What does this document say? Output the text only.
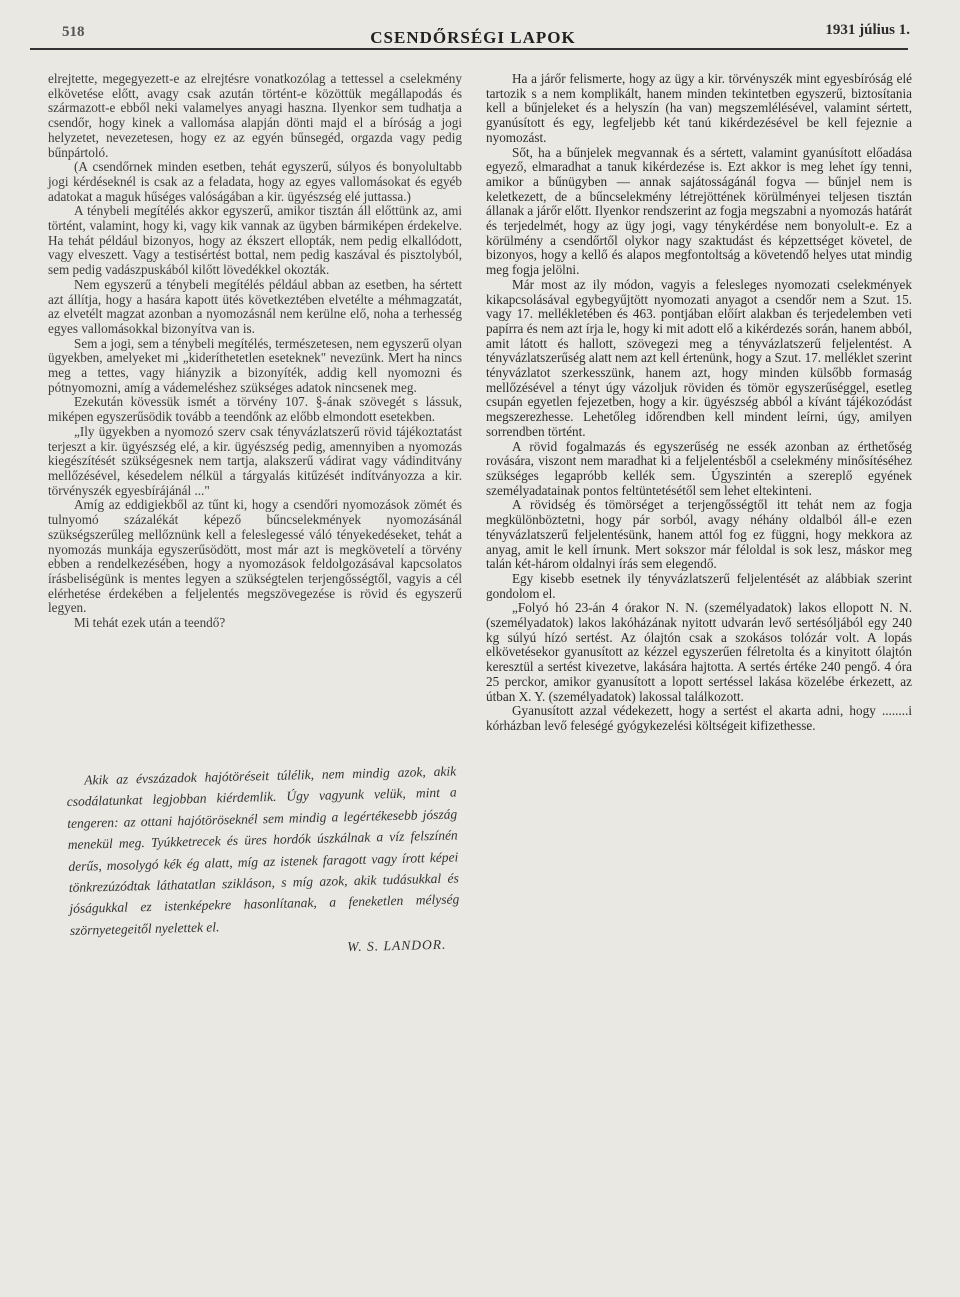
518	CSENDŐRSÉGI LAPOK	1931 július 1.

elrejtette, megegyezett-e az elrejtésre vonatkozólag a tettessel a cselekmény elkövetése előtt, avagy csak azután történt-e közöttük megállapodás és származott-e ebből neki valamelyes anyagi haszna. Ilyenkor sem tudhatja a csendőr, hogy kinek a vallomása alapján dönti majd el a bíróság a jogi helyzetet, nevezetesen, hogy ez az egyén bűnsegéd, orgazda vagy pedig bűnpártoló.

(A csendőrnek minden esetben, tehát egyszerű, súlyos és bonyolultabb jogi kérdéseknél is csak az a feladata, hogy az egyes vallomásokat és egyéb adatokat a maguk hűséges valóságában a kir. ügyészség elé juttassa.)

A ténybeli megítélés akkor egyszerű, amikor tisztán áll előttünk az, ami történt, valamint, hogy ki, vagy kik vannak az ügyben bármiképen érdekelve. Ha tehát például bizonyos, hogy az ékszert ellopták, nem pedig elkallódott, vagy elveszett. Vagy a testisértést bottal, nem pedig kaszával és pisztolyból, sem pedig vadászpuskából kilőtt lövedékkel okozták.

Nem egyszerű a ténybeli megítélés például abban az esetben, ha sértett azt állítja, hogy a hasára kapott ütés következtében elvetélte a méhmagzatát, az elvetélt magzat azonban a nyomozásnál nem kerülne elő, noha a terhesség egyes vallomásokkal bizonyítva van is.

Sem a jogi, sem a ténybeli megítélés, természetesen, nem egyszerű olyan ügyekben, amelyeket mi „kideríthetetlen eseteknek" nevezünk. Mert ha nincs meg a tettes, vagy hiányzik a bizonyíték, addig kell nyomozni és pótnyomozni, amíg a vádemeléshez szükséges adatok nincsenek meg.

Ezekután kövessük ismét a törvény 107. §-ának szövegét s lássuk, miképen egyszerűsödik tovább a teendőnk az előbb elmondott esetekben.

„Ily ügyekben a nyomozó szerv csak tényvázlatszerű rövid tájékoztatást terjeszt a kir. ügyészség elé, a kir. ügyészség pedig, amennyiben a nyomozás kiegészítését szükségesnek nem tartja, alakszerű vádirat vagy vádinditvány mellőzésével, késedelem nélkül a tárgyalás kitűzését indítványozza a kir. törvényszék egyesbírájánál ..."

Amíg az eddigiekből az tűnt ki, hogy a csendőri nyomozások zömét és tulnyomó százalékát képező bűncselekmények nyomozásánál szükségszerűleg mellőznünk kell a feleslegessé váló tényekedéseket, tehát a nyomozás munkája egyszerűsödött, most már azt is megkövetelí a törvény ebben a rendelkezésében, hogy a nyomozások feldolgozásával kapcsolatos írásbeliségünk is mentes legyen a szükségtelen terjengősségtől, vagyis a cél elérhetése érdekében a feljelentés megszövegezése is rövid és egyszerű legyen.

Mi tehát ezek után a teendő?

Akik az évszázadok hajótöréseit túlélik, nem mindig azok, akik csodálatunkat legjobban kiérdemlik. Úgy vagyunk velük, mint a tengeren: az ottani hajótöröseknél sem mindig a legértékesebb jószág menekül meg. Tyúkketrecek és üres hordók úszkálnak a víz felszínén derűs, mosolygó kék ég alatt, míg az istenek faragott vagy írott képei tönkrezúzódtak láthatatlan szikláson, s míg azok, akik tudásukkal és jóságukkal ez istenképekre hasonlítanak, a feneketlen mélység szörnyetegeitől nyelettek el.

W. S. LANDOR.

Ha a járőr felismerte, hogy az ügy a kir. törvényszék mint egyesbíróság elé tartozik s a nem komplikált, hanem minden tekintetben egyszerű, biztosítania kell a bűnjeleket és a helyszín (ha van) megszemlélésével, valamint sértett, gyanúsított és egy, legfeljebb két tanú kikérdezésével be kell fejeznie a nyomozást.

Sőt, ha a bűnjelek megvannak és a sértett, valamint gyanúsított előadása egyező, elmaradhat a tanuk kikérdezése is. Ezt akkor is meg lehet így tenni, amikor a bűnügyben — annak sajátosságánál fogva — bűnjel nem is keletkezett, de a bűncselekmény létrejöttének körülményei teljesen tisztán állanak a járőr előtt. Ilyenkor rendszerint az fogja megszabni a nyomozás határát és terjedelmét, hogy az ügy jogi, vagy ténykérdése nem bonyolult-e. Ez a körülmény a csendőrtől olykor nagy szaktudást és képzettséget követel, de bizonyos, hogy a kellő és alapos megfontoltság a követendő helyes utat mindig meg fogja jelölni.

Már most az ily módon, vagyis a felesleges nyomozati cselekmények kikapcsolásával egybegyűjtött nyomozati anyagot a csendőr nem a Szut. 15. vagy 17. mellékletében és 463. pontjában előírt alakban és terjedelemben veti papírra és nem azt írja le, hogy ki mit adott elő a kikérdezés során, hanem abból, amit látott és hallott, szövegezi meg a tényvázlatszerű feljelentést. A tényvázlatszerűség alatt nem azt kell értenünk, hogy a Szut. 17. melléklet szerint tényvázlatot szerkesszünk, hanem azt, hogy minden külsőbb formaság mellőzésével a tényt úgy vázoljuk röviden és tömör egyszerűséggel, esetleg csupán egyetlen fejezetben, hogy a kir. ügyészség abból a kívánt tájékozódást megszerezhesse. Lehetőleg időrendben kell mindent leírni, úgy, amilyen sorrendben történt.

A rövid fogalmazás és egyszerűség ne essék azonban az érthetőség rovására, viszont nem maradhat ki a feljelentésből a cselekmény minősítéséhez szükséges legapróbb kellék sem. Úgyszintén a szereplő egyének személyadatainak pontos feltüntetésétől sem lehet eltekinteni.

A rövidség és tömörséget a terjengősségtől itt tehát nem az fogja megkülönböztetni, hogy pár sorból, avagy néhány oldalból áll-e ezen tényvázlatszerű feljelentésünk, hanem attól fog ez függni, hogy mekkora az anyag, amit le kell írnunk. Mert sokszor már féloldal is sok lesz, máskor meg talán két-három oldalnyi írás sem elegendő.

Egy kisebb esetnek ily tényvázlatszerű feljelentését az alábbiak szerint gondolom el.

„Folyó hó 23-án 4 órakor N. N. (személyadatok) lakos ellopott N. N. (személyadatok) lakos lakóházának nyitott udvarán levő sertésóljából egy 240 kg súlyú hízó sertést. Az ólajtón csak a szokásos tolózár volt. A lopás elkövetésekor gyanusított az kézzel egyszerűen félretolta és a kinyitott ólajtón keresztül a sertést kivezetve, lakására hajtotta. A sertés értéke 240 pengő. 4 óra 25 perckor, amikor gyanusított a lopott sertéssel lakása közelébe érkezett, az útban X. Y. (személyadatok) lakossal találkozott.

Gyanusított azzal védekezett, hogy a sertést el akarta adni, hogy ........i kórházban levő feleségé gyógykezelési költségeit kifizethesse.
